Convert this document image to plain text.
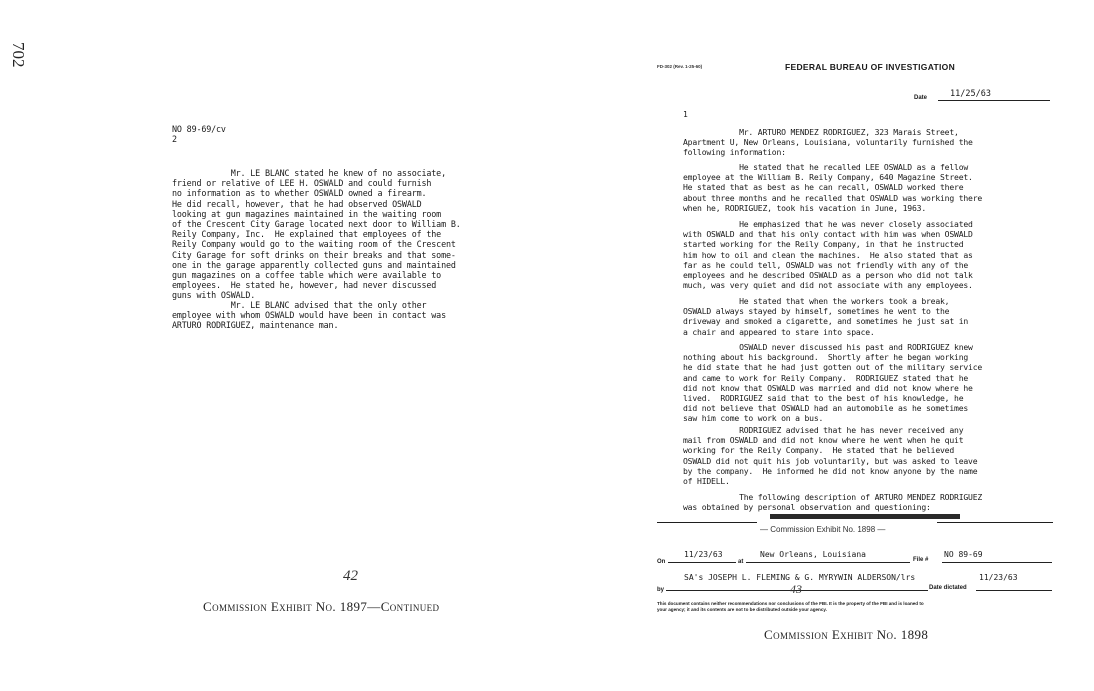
702
NO 89-69/cv
2
Mr. LE BLANC stated he knew of no associate,
friend or relative of LEE H. OSWALD and could furnish
no information as to whether OSWALD owned a firearm.
He did recall, however, that he had observed OSWALD
looking at gun magazines maintained in the waiting room
of the Crescent City Garage located next door to William B.
Reily Company, Inc.  He explained that employees of the
Reily Company would go to the waiting room of the Crescent
City Garage for soft drinks on their breaks and that some-
one in the garage apparently collected guns and maintained
gun magazines on a coffee table which were available to
employees.  He stated he, however, had never discussed
guns with OSWALD.
Mr. LE BLANC advised that the only other
employee with whom OSWALD would have been in contact was
ARTURO RODRIGUEZ, maintenance man.
42
Commission Exhibit No. 1897—Continued
FD-302 (Rev. 1-25-60)	FEDERAL BUREAU OF INVESTIGATION
Date	11/25/63
1
Mr. ARTURO MENDEZ RODRIGUEZ, 323 Marais Street,
Apartment U, New Orleans, Louisiana, voluntarily furnished the
following information:
He stated that he recalled LEE OSWALD as a fellow
employee at the William B. Reily Company, 640 Magazine Street.
He stated that as best as he can recall, OSWALD worked there
about three months and he recalled that OSWALD was working there
when he, RODRIGUEZ, took his vacation in June, 1963.
He emphasized that he was never closely associated
with OSWALD and that his only contact with him was when OSWALD
started working for the Reily Company, in that he instructed
him how to oil and clean the machines.  He also stated that as
far as he could tell, OSWALD was not friendly with any of the
employees and he described OSWALD as a person who did not talk
much, was very quiet and did not associate with any employees.
He stated that when the workers took a break,
OSWALD always stayed by himself, sometimes he went to the
driveway and smoked a cigarette, and sometimes he just sat in
a chair and appeared to stare into space.
OSWALD never discussed his past and RODRIGUEZ knew
nothing about his background.  Shortly after he began working
he did state that he had just gotten out of the military service
and came to work for Reily Company.  RODRIGUEZ stated that he
did not know that OSWALD was married and did not know where he
lived.  RODRIGUEZ said that to the best of his knowledge, he
did not believe that OSWALD had an automobile as he sometimes
saw him come to work on a bus.
RODRIGUEZ advised that he has never received any
mail from OSWALD and did not know where he went when he quit
working for the Reily Company.  He stated that he believed
OSWALD did not quit his job voluntarily, but was asked to leave
by the company.  He informed he did not know anyone by the name
of HIDELL.
The following description of ARTURO MENDEZ RODRIGUEZ
was obtained by personal observation and questioning:
— Commission Exhibit No. 1898 —
On
11/23/63
at
New Orleans, Louisiana
File #
NO 89-69
by
SA's JOSEPH L. FLEMING & G. MYRYWIN ALDERSON/lrs
Date dictated
11/23/63
43
This document contains neither recommendations nor conclusions of the FBI. It is the property of the FBI and is loaned to
your agency; it and its contents are not to be distributed outside your agency.
Commission Exhibit No. 1898
